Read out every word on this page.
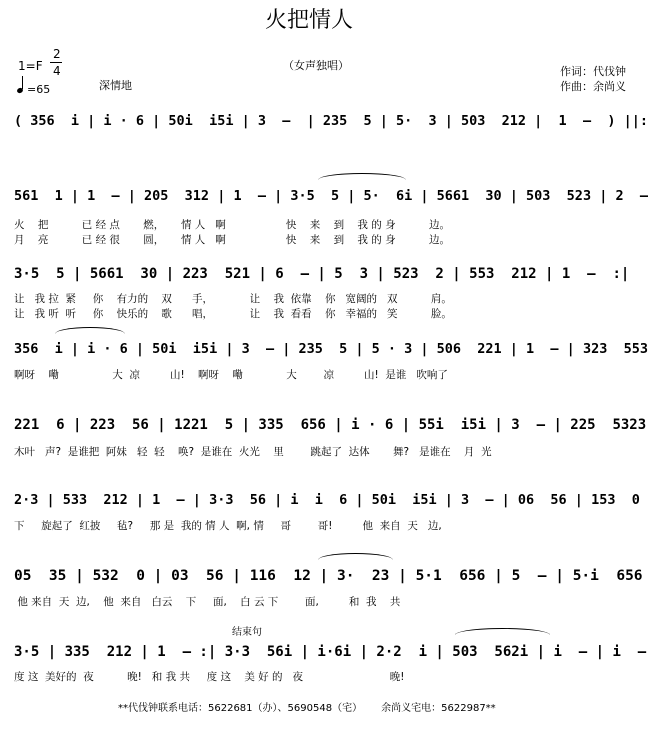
火把情人
（女声独唱）
1=F
2
4
=65	深情地
作词：代伐钟
作曲：余尚义
( 356  i | i · 6 | 50i  i5i | 3  –  | 235  5 | 5·  3 | 503  212 |  1  –  ) ||:
561  1 | 1  – | 205  312 | 1  – | 3·5  5 | 5·  6i | 5661  30 | 503  523 | 2  –
火    把          已 经 点       燃，     情 人   啊                  快    来    到    我 的 身          边。
月    亮          已 经 很       圆，     情 人   啊                  快    来    到    我 的 身          边。
3·5  5 | 5661  30 | 223  521 | 6  – | 5  3 | 523  2 | 553  212 | 1  –  :|
让   我 拉  紧     你    有力的    双      手，           让    我  依靠    你   宽阔的   双          肩。
让   我 听  听     你    快乐的    歌      唱，           让    我  看看    你   幸福的   笑          脸。
356  i | i · 6 | 50i  i5i | 3  – | 235  5 | 5 · 3 | 506  221 | 1  – | 323  553
啊呀    嘞                大  凉         山!    啊呀    嘞             大        凉         山!  是谁   吹响了
221  6 | 223  56 | 1221  5 | 335  656 | i · 6 | 55i  i5i | 3  – | 225  5323
木叶   声?  是谁把  阿妹   轻  轻    唤?  是谁在  火光    里        跳起了  达体       舞?   是谁在    月  光
2·3 | 533  212 | 1  – | 3·3  56 | i  i  6 | 50i  i5i | 3  – | 06  56 | 153  0
下     旋起了  红披     毡?     那 是  我的 情 人  啊, 情     哥        哥!         他  来自  天   边,
05  35 | 532  0 | 03  56 | 116  12 | 3·  23 | 5·1  656 | 5  – | 5·i  656
他 来自  天  边,    他  来自   白云    下     面,    白 云 下        面,         和  我    共
结束句
3·5 | 335  212 | 1  – :| 3·3  56i | i·6i | 2·2  i | 503  562i | i  – | i  –
度 这  美好的  夜          晚!   和 我 共     度 这    美 好 的   夜                          晚!
**代伐钟联系电话：5622681（办）、5690548（宅）      余尚义宅电：5622987**
